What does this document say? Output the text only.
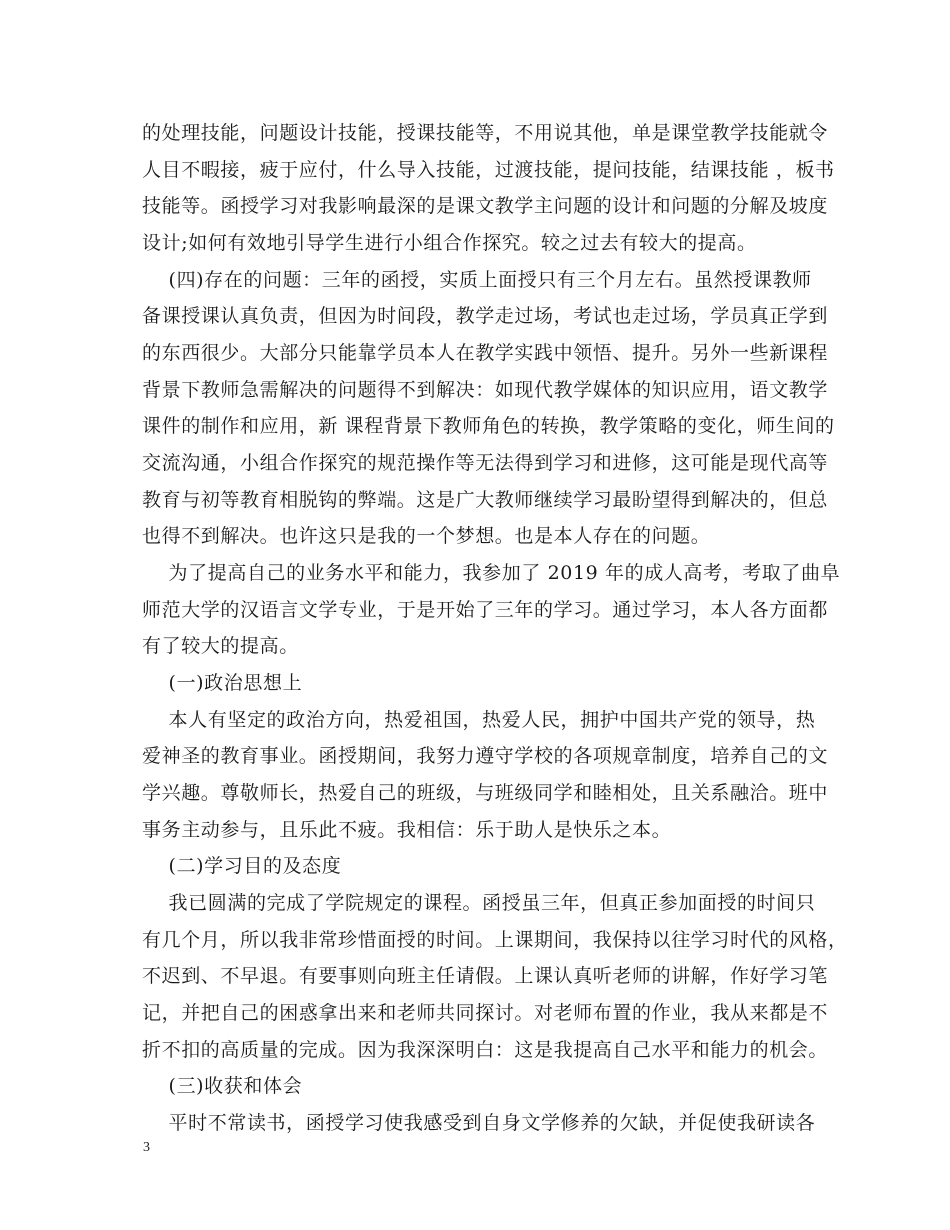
的处理技能，问题设计技能，授课技能等，不用说其他，单是课堂教学技能就令
人目不暇接，疲于应付，什么导入技能，过渡技能，提问技能，结课技能 ，板书
技能等。函授学习对我影响最深的是课文教学主问题的设计和问题的分解及坡度
设计;如何有效地引导学生进行小组合作探究。较之过去有较大的提高。
(四)存在的问题：三年的函授，实质上面授只有三个月左右。虽然授课教师
备课授课认真负责，但因为时间段，教学走过场，考试也走过场，学员真正学到
的东西很少。大部分只能靠学员本人在教学实践中领悟、提升。另外一些新课程
背景下教师急需解决的问题得不到解决：如现代教学媒体的知识应用，语文教学
课件的制作和应用，新 课程背景下教师角色的转换，教学策略的变化，师生间的
交流沟通，小组合作探究的规范操作等无法得到学习和进修，这可能是现代高等
教育与初等教育相脱钩的弊端。这是广大教师继续学习最盼望得到解决的，但总
也得不到解决。也许这只是我的一个梦想。也是本人存在的问题。
为了提高自己的业务水平和能力，我参加了 2019 年的成人高考，考取了曲阜
师范大学的汉语言文学专业，于是开始了三年的学习。通过学习，本人各方面都
有了较大的提高。
(一)政治思想上
本人有坚定的政治方向，热爱祖国，热爱人民，拥护中国共产党的领导，热
爱神圣的教育事业。函授期间，我努力遵守学校的各项规章制度，培养自己的文
学兴趣。尊敬师长，热爱自己的班级，与班级同学和睦相处，且关系融洽。班中
事务主动参与，且乐此不疲。我相信：乐于助人是快乐之本。
(二)学习目的及态度
我已圆满的完成了学院规定的课程。函授虽三年，但真正参加面授的时间只
有几个月，所以我非常珍惜面授的时间。上课期间，我保持以往学习时代的风格，
不迟到、不早退。有要事则向班主任请假。上课认真听老师的讲解，作好学习笔
记，并把自己的困惑拿出来和老师共同探讨。对老师布置的作业，我从来都是不
折不扣的高质量的完成。因为我深深明白：这是我提高自己水平和能力的机会。
(三)收获和体会
平时不常读书，函授学习使我感受到自身文学修养的欠缺，并促使我研读各
3
